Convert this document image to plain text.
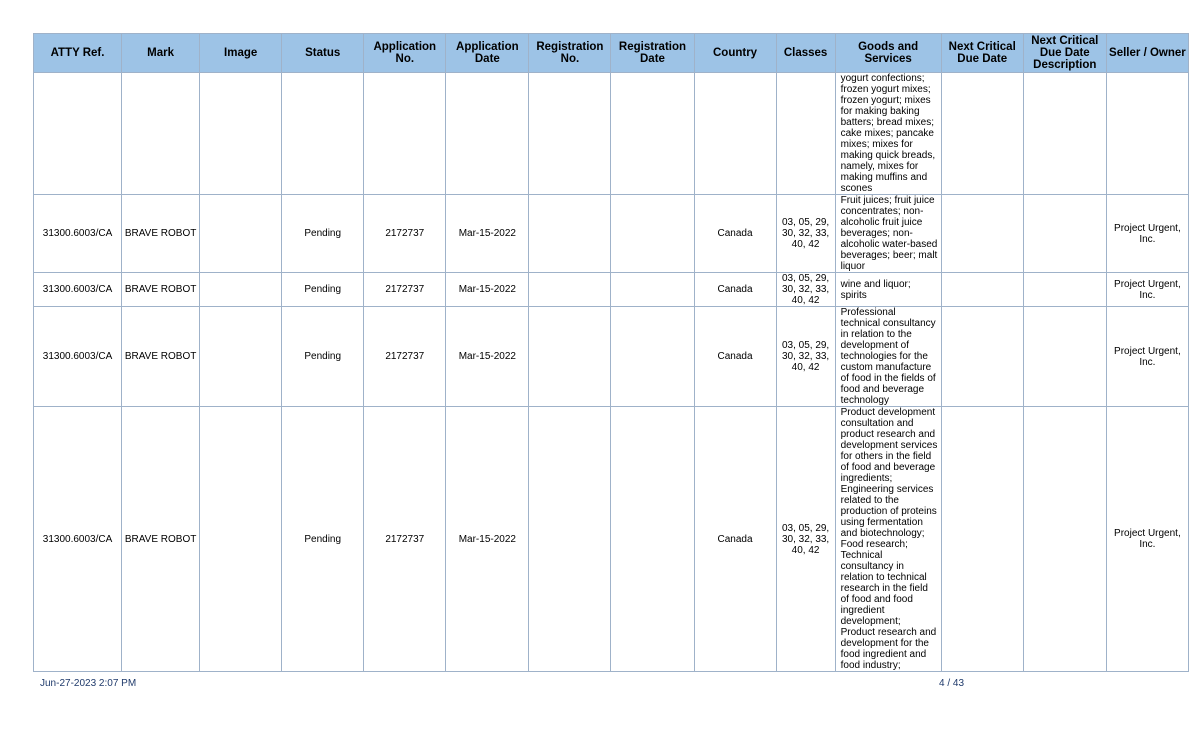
ATTY Ref.	Mark	Image	Status	Application No.	Application Date	Registration No.	Registration Date	Country	Classes	Goods and Services	Next Critical Due Date	Next Critical Due Date Description	Seller / Owner

										yogurt confections; frozen yogurt mixes; frozen yogurt; mixes for making baking batters; bread mixes; cake mixes; pancake mixes; mixes for making quick breads, namely, mixes for making muffins and scones			

31300.6003/CA	BRAVE ROBOT		Pending	2172737	Mar-15-2022			Canada	03, 05, 29, 30, 32, 33, 40, 42	Fruit juices; fruit juice concentrates; non-alcoholic fruit juice beverages; non-alcoholic water-based beverages; beer; malt liquor			Project Urgent, Inc.
31300.6003/CA	BRAVE ROBOT		Pending	2172737	Mar-15-2022			Canada	03, 05, 29, 30, 32, 33, 40, 42	wine and liquor; spirits			Project Urgent, Inc.
31300.6003/CA	BRAVE ROBOT		Pending	2172737	Mar-15-2022			Canada	03, 05, 29, 30, 32, 33, 40, 42	Professional technical consultancy in relation to the development of technologies for the custom manufacture of food in the fields of food and beverage technology			Project Urgent, Inc.
31300.6003/CA	BRAVE ROBOT		Pending	2172737	Mar-15-2022			Canada	03, 05, 29, 30, 32, 33, 40, 42	Product development consultation and product research and development services for others in the field of food and beverage ingredients; Engineering services related to the production of proteins using fermentation and biotechnology; Food research; Technical consultancy in relation to technical research in the field of food and food ingredient development; Product research and development for the food ingredient and food industry;			Project Urgent, Inc.
Jun-27-2023 2:07 PM	4 / 43
